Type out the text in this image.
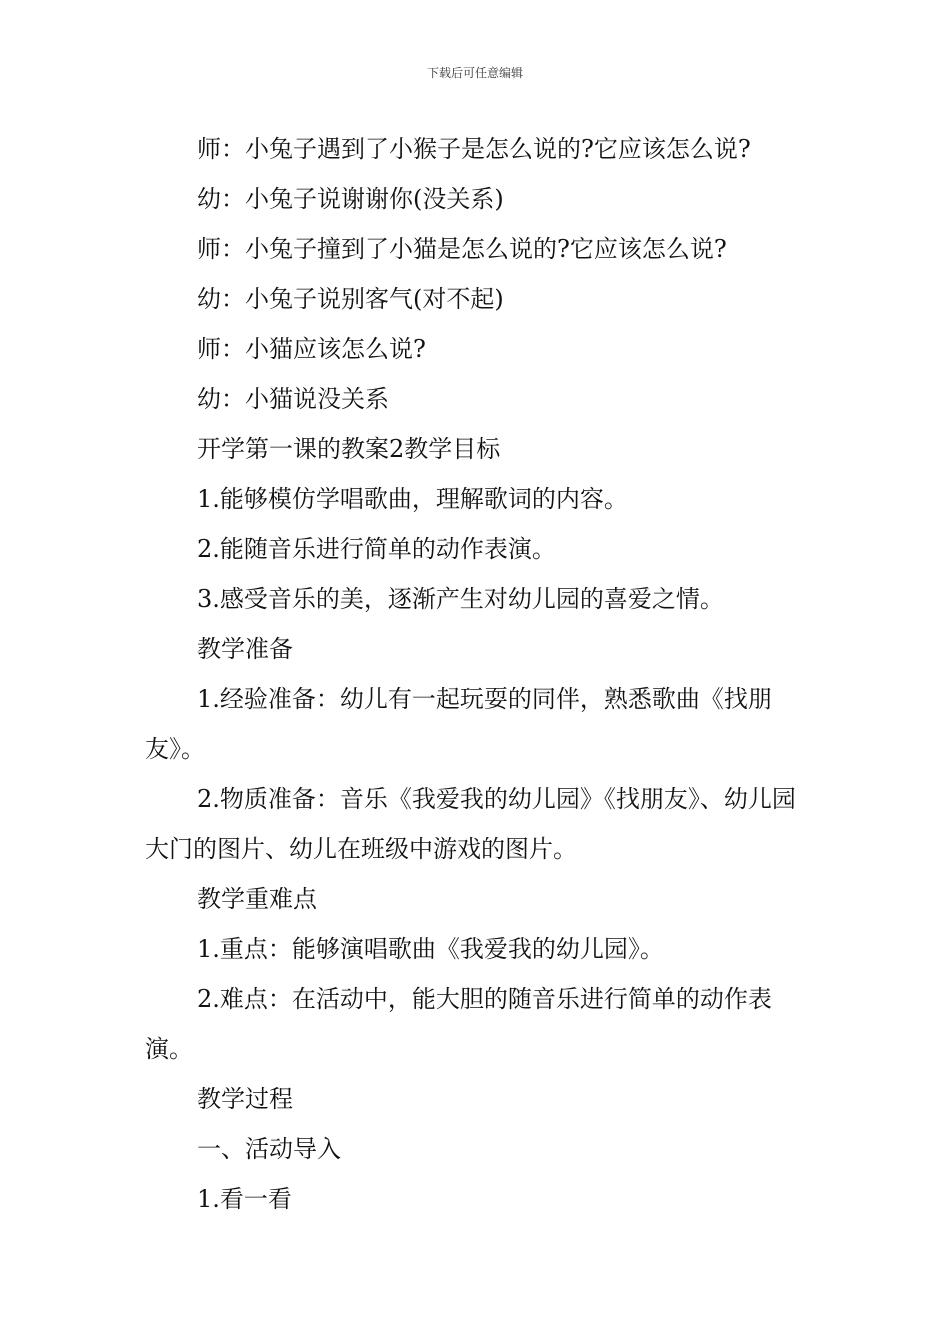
下载后可任意编辑

师：小兔子遇到了小猴子是怎么说的?它应该怎么说?

幼：小兔子说谢谢你(没关系)

师：小兔子撞到了小猫是怎么说的?它应该怎么说?

幼：小兔子说别客气(对不起)

师：小猫应该怎么说?

幼：小猫说没关系

开学第一课的教案2教学目标

1.能够模仿学唱歌曲，理解歌词的内容。

2.能随音乐进行简单的动作表演。

3.感受音乐的美，逐渐产生对幼儿园的喜爱之情。

教学准备

1.经验准备：幼儿有一起玩耍的同伴，熟悉歌曲《找朋友》。

2.物质准备：音乐《我爱我的幼儿园》《找朋友》、幼儿园大门的图片、幼儿在班级中游戏的图片。

教学重难点

1.重点：能够演唱歌曲《我爱我的幼儿园》。

2.难点：在活动中，能大胆的随音乐进行简单的动作表演。

教学过程

一、活动导入

1.看一看
